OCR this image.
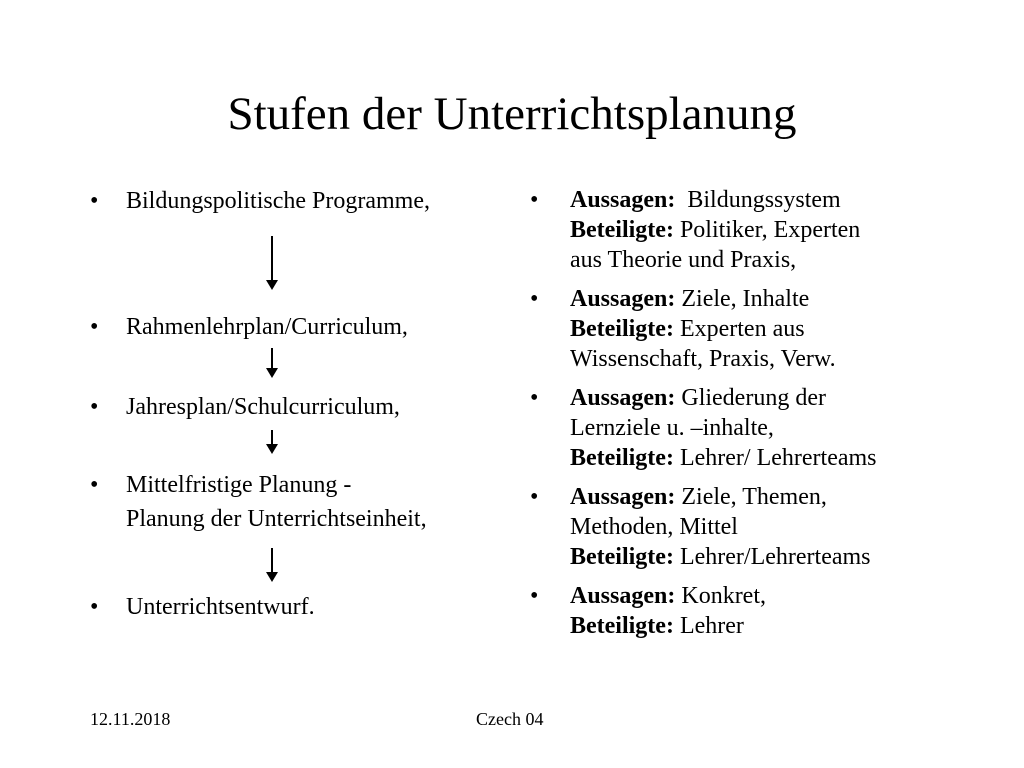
Stufen der Unterrichtsplanung
• Bildungspolitische Programme,
• Rahmenlehrplan/Curriculum,
• Jahresplan/Schulcurriculum,
• Mittelfristige Planung -
Planung der Unterrichtseinheit,
• Unterrichtsentwurf.
• Aussagen:  Bildungssystem
Beteiligte: Politiker, Experten
aus Theorie und Praxis,
• Aussagen: Ziele, Inhalte
Beteiligte: Experten aus
Wissenschaft, Praxis, Verw.
• Aussagen: Gliederung der
Lernziele u. –inhalte,
Beteiligte: Lehrer/ Lehrerteams
• Aussagen: Ziele, Themen,
Methoden, Mittel
Beteiligte: Lehrer/Lehrerteams
• Aussagen: Konkret,
Beteiligte: Lehrer
12.11.2018	Czech 04
